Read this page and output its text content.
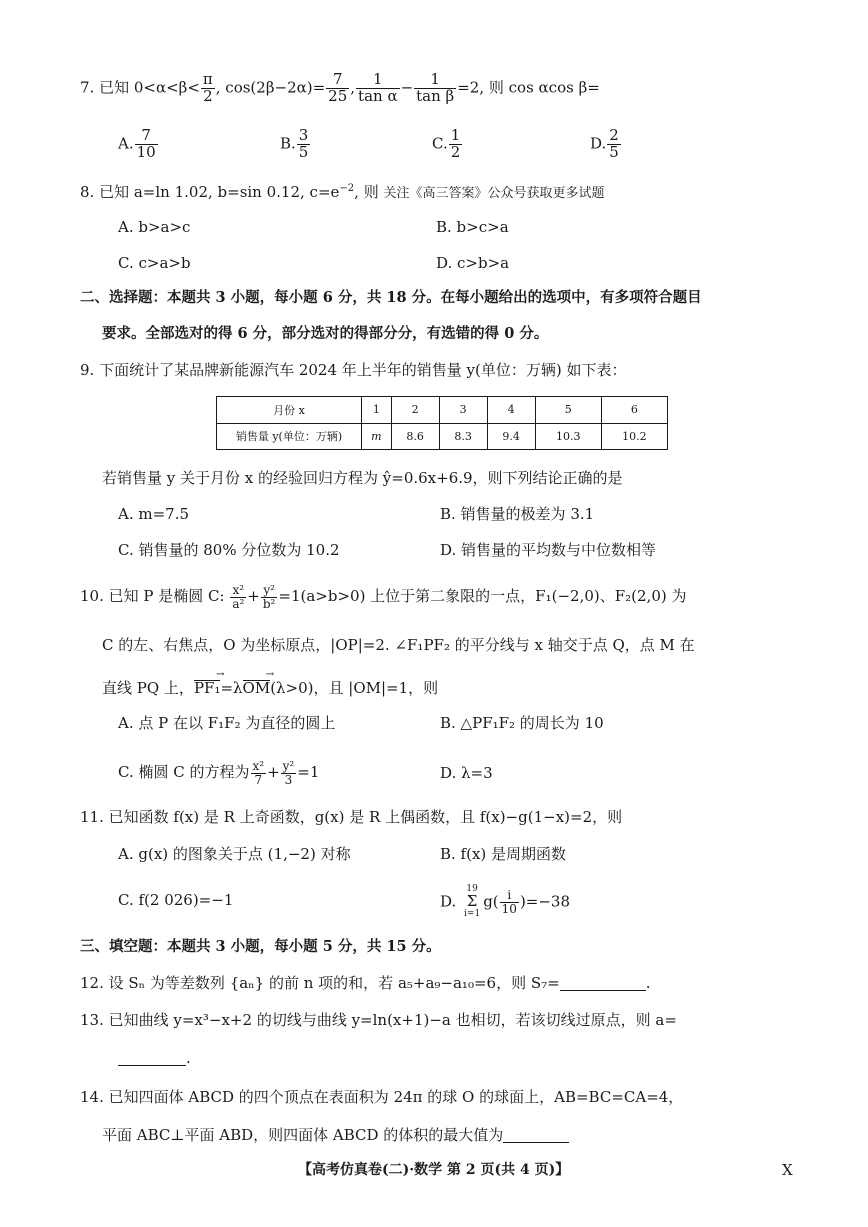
7. 已知 $0<\alpha<\beta< \frac{\pi}{2}$ , $\cos(2\beta-2\alpha)= \frac{7}{25}$ , $\frac{1}{\text{tan α}} - \frac{1}{\text{tan β}} =2$, 则 cos αcos β=
A. $\frac{7}{10}$	B. $\frac{3}{5}$	C. $\frac{1}{2}$	D. $\frac{2}{5}$
8. 已知 a=ln 1.02, b=sin 0.12, $c=e^{-2}$, 则 关注《高三答案》公众号获取更多试题
A. b>a>c	B. b>c>a
C. c>a>b	D. c>b>a
二、选择题：本题共 3 小题，每小题 6 分，共 18 分。在每小题给出的选项中，有多项符合题目
要求。全部选对的得 6 分，部分选对的得部分分，有选错的得 0 分。
9. 下面统计了某品牌新能源汽车 2024 年上半年的销售量 y(单位：万辆) 如下表：
月份 x	1	2	3	4	5	6
销售量 y(单位：万辆)	m	8.6	8.3	9.4	10.3	10.2
若销售量 y 关于月份 x 的经验回归方程为 ŷ=0.6x+6.9，则下列结论正确的是
A. m=7.5	B. 销售量的极差为 3.1
C. 销售量的 80% 分位数为 10.2	D. 销售量的平均数与中位数相等
10. 已知 P 是椭圆 C: $\frac{\text{x²}}{\text{a²}} + \frac{\text{y²}}{\text{b²}} =1(a>b>0)$ 上位于第二象限的一点，F₁(−2,0)、F₂(2,0) 为
C 的左、右焦点，O 为坐标原点，|OP|=2. ∠F₁PF₂ 的平分线与 x 轴交于点 Q，点 M 在
直线 PQ 上，PF₁ →=λOM →(λ>0)，且 |OM|=1，则
A. 点 P 在以 F₁F₂ 为直径的圆上	B. △PF₁F₂ 的周长为 10
C. 椭圆 C 的方程为 $\frac{\text{x²}}{7} + \frac{\text{y²}}{3} =1$	D. λ=3
11. 已知函数 f(x) 是 R 上奇函数，g(x) 是 R 上偶函数，且 f(x)−g(1−x)=2，则
A. g(x) 的图象关于点 (1,−2) 对称	B. f(x) 是周期函数
C. f(2 026)=−1	D.
19
Σ
i=1
$g( \frac{i}{10} )=-38$
三、填空题：本题共 3 小题，每小题 5 分，共 15 分。
12. 设 Sₙ 为等差数列 {aₙ} 的前 n 项的和，若 a₅+a₉−a₁₀=6，则 S₇=	.
13. 已知曲线 y=x³−x+2 的切线与曲线 y=ln(x+1)−a 也相切，若该切线过原点，则 a=
.
14. 已知四面体 ABCD 的四个顶点在表面积为 24π 的球 O 的球面上，AB=BC=CA=4，
平面 ABC⊥平面 ABD，则四面体 ABCD 的体积的最大值为
【高考仿真卷(二)·数学 第 2 页(共 4 页)】	X
